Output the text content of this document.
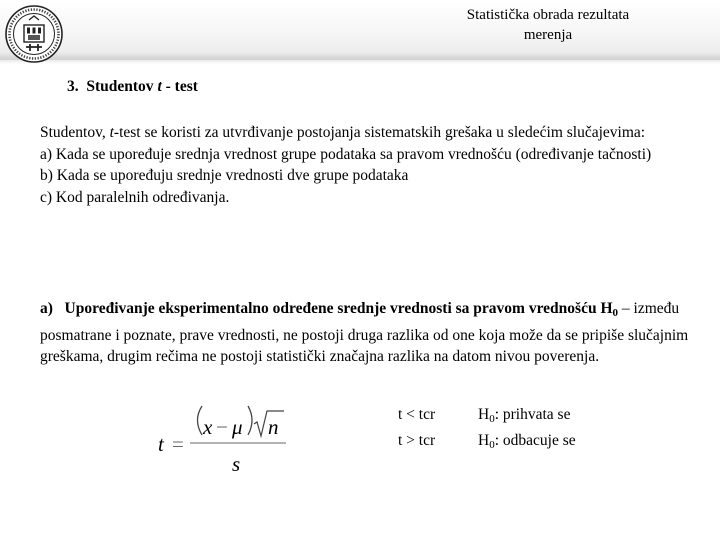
Statistička obrada rezultata
merenja
3. Studentov t - test

Studentov, t-test se koristi za utvrđivanje postojanja sistematskih grešaka u sledećim slučajevima:

a) Kada se upoređuje srednja vrednost grupe podataka sa pravom vrednošću (određivanje tačnosti)

b) Kada se upoređuju srednje vrednosti dve grupe podataka

c) Kod paralelnih određivanja.

a) Upoređivanje eksperimentalno određene srednje vrednosti sa pravom vrednošću $H_0$ – između posmatrane i poznate, prave vrednosti, ne postoji druga razlika od one koja može da se pripiše slučajnim greškama, drugim rečima ne postoji statistički značajna razlika na datom nivou poverenja.
t =
x − μ n
s
t < tcr	$H_0$: prihvata se
t > tcr	$H_0$: odbacuje se
